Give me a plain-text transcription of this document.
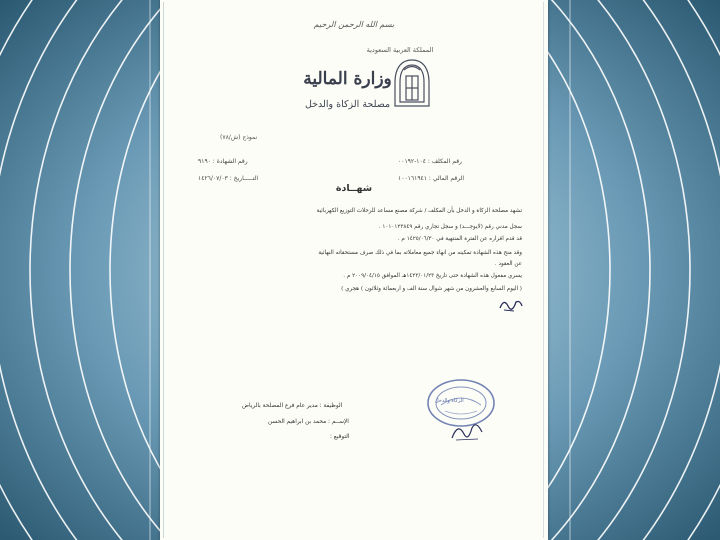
بسم الله الرحمن الرحيم
المملكة العربية السعودية
وزارة المالية
مصلحة الزكاة والدخل
نموذج (ش/٧٨)
رقم الشهادة : ٩١٩٠
التـــــاريخ : ١٤٢٦/٠٧/٠٣
رقم المكلف : ١٠٤-٠٠١٩٢
الرقم المالي : ١٠٠١٦١٩٤١
شهــادة
تشهد مصلحة الزكاة و الدخل بأن المكلف / شركة مصنع مساعد للرحلات التوزيع الكهربائية
سجل مدني رقم (لايوجـــد) و سجل تجاري رقم ١٠١٠١٢٣٨٤٩ .
قد قدم اقراره عن الفترة المنتهية في ١٤٢٥/٠٦/٣٠ م .
وقد منح هذه الشهادة تمكينه من انهاء جميع معاملاته بما في ذلك صرف مستحقاته النهائية
عن العقود .
يسري مفعول هذه الشهادة حتى تاريخ ١٤٢٣/٠١/٢٣هـ الموافق ٢٠٠٩/٠٤/١٥ م .
( اليوم السابع والعشرون من شهر شوال سنة الف و اربعمائة وثلاثون ) هجري )
الزكاة والدخل
الوظيفة : مدير عام فرع المصلحة بالرياض
الإســم : محمد بن ابراهيم الحسن
التوقيع :
